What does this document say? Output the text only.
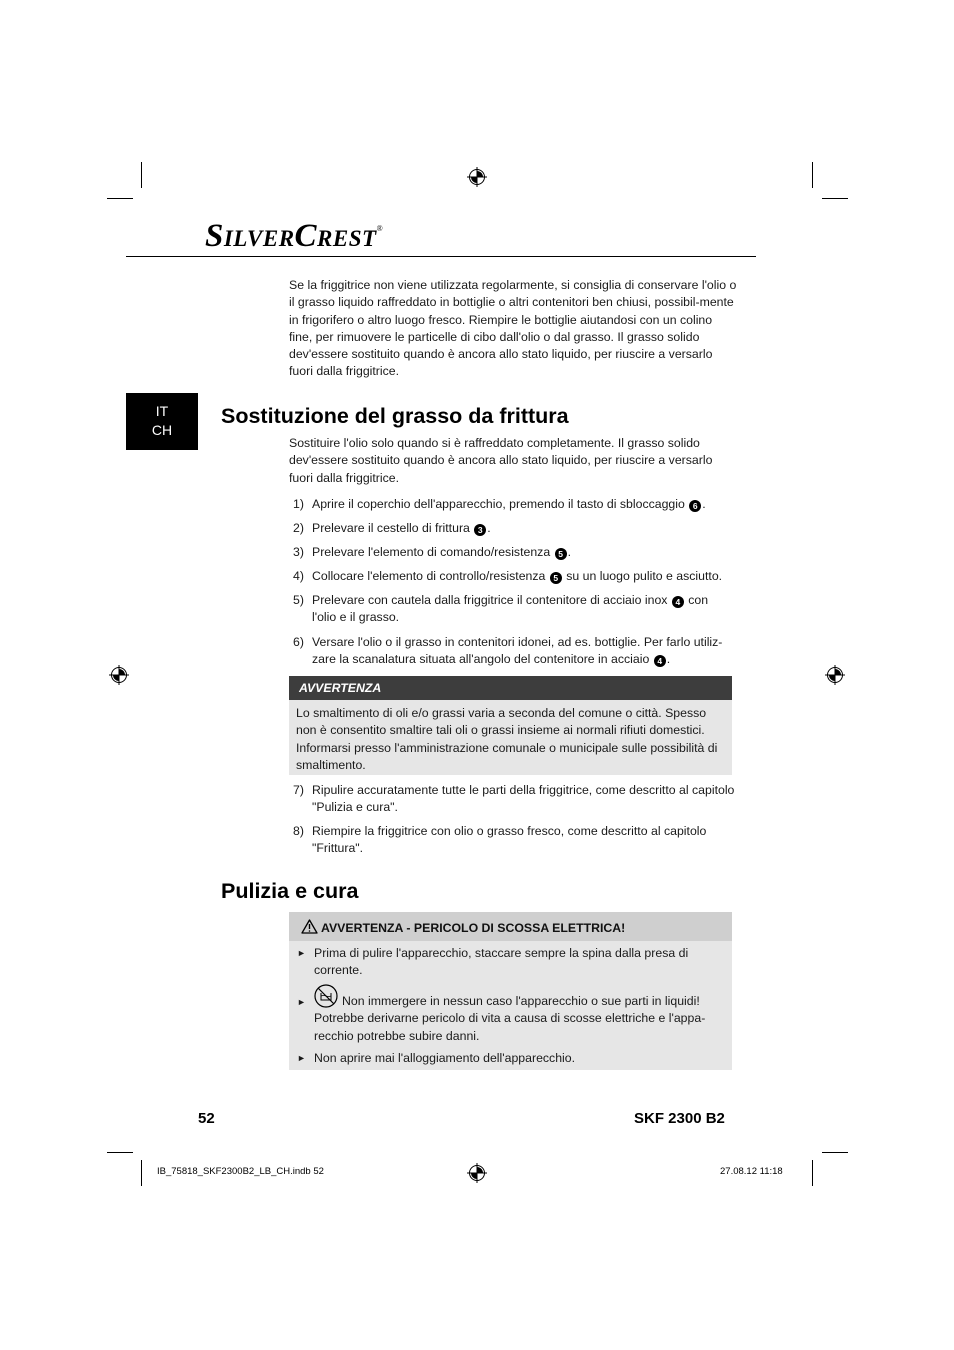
SILVERCREST®
Se la friggitrice non viene utilizzata regolarmente, si consiglia di conservare l'olio o il grasso liquido raffreddato in bottiglie o altri contenitori ben chiusi, possibil-mente in frigorifero o altro luogo fresco. Riempire le bottiglie aiutandosi con un colino fine, per rimuovere le particelle di cibo dall'olio o dal grasso. Il grasso solido dev'essere sostituito quando è ancora allo stato liquido, per riuscire a versarlo fuori dalla friggitrice.
IT
CH
Sostituzione del grasso da frittura
Sostituire l'olio solo quando si è raffreddato completamente. Il grasso solido dev'essere sostituito quando è ancora allo stato liquido, per riuscire a versarlo fuori dalla friggitrice.
1) Aprire il coperchio dell'apparecchio, premendo il tasto di sbloccaggio 6 .
2) Prelevare il cestello di frittura 3 .
3) Prelevare l'elemento di comando/resistenza 5 .
4) Collocare l'elemento di controllo/resistenza 5 su un luogo pulito e asciutto.
5) Prelevare con cautela dalla friggitrice il contenitore di acciaio inox 4 con l'olio e il grasso.
6) Versare l'olio o il grasso in contenitori idonei, ad es. bottiglie. Per farlo utiliz-zare la scanalatura situata all'angolo del contenitore in acciaio 4 .
AVVERTENZA
Lo smaltimento di oli e/o grassi varia a seconda del comune o città. Spesso non è consentito smaltire tali oli o grassi insieme ai normali rifiuti domestici. Informarsi presso l'amministrazione comunale o municipale sulle possibilità di smaltimento.
7) Ripulire accuratamente tutte le parti della friggitrice, come descritto al capitolo "Pulizia e cura".
8) Riempire la friggitrice con olio o grasso fresco, come descritto al capitolo "Frittura".
Pulizia e cura
AVVERTENZA - PERICOLO DI SCOSSA ELETTRICA!
► Prima di pulire l'apparecchio, staccare sempre la spina dalla presa di corrente.
►	Non immergere in nessun caso l'apparecchio o sue parti in liquidi! Potrebbe derivarne pericolo di vita a causa di scosse elettriche e l'appa-recchio potrebbe subire danni.
► Non aprire mai l'alloggiamento dell'apparecchio.
52	SKF 2300 B2
IB_75818_SKF2300B2_LB_CH.indb 52	27.08.12 11:18
